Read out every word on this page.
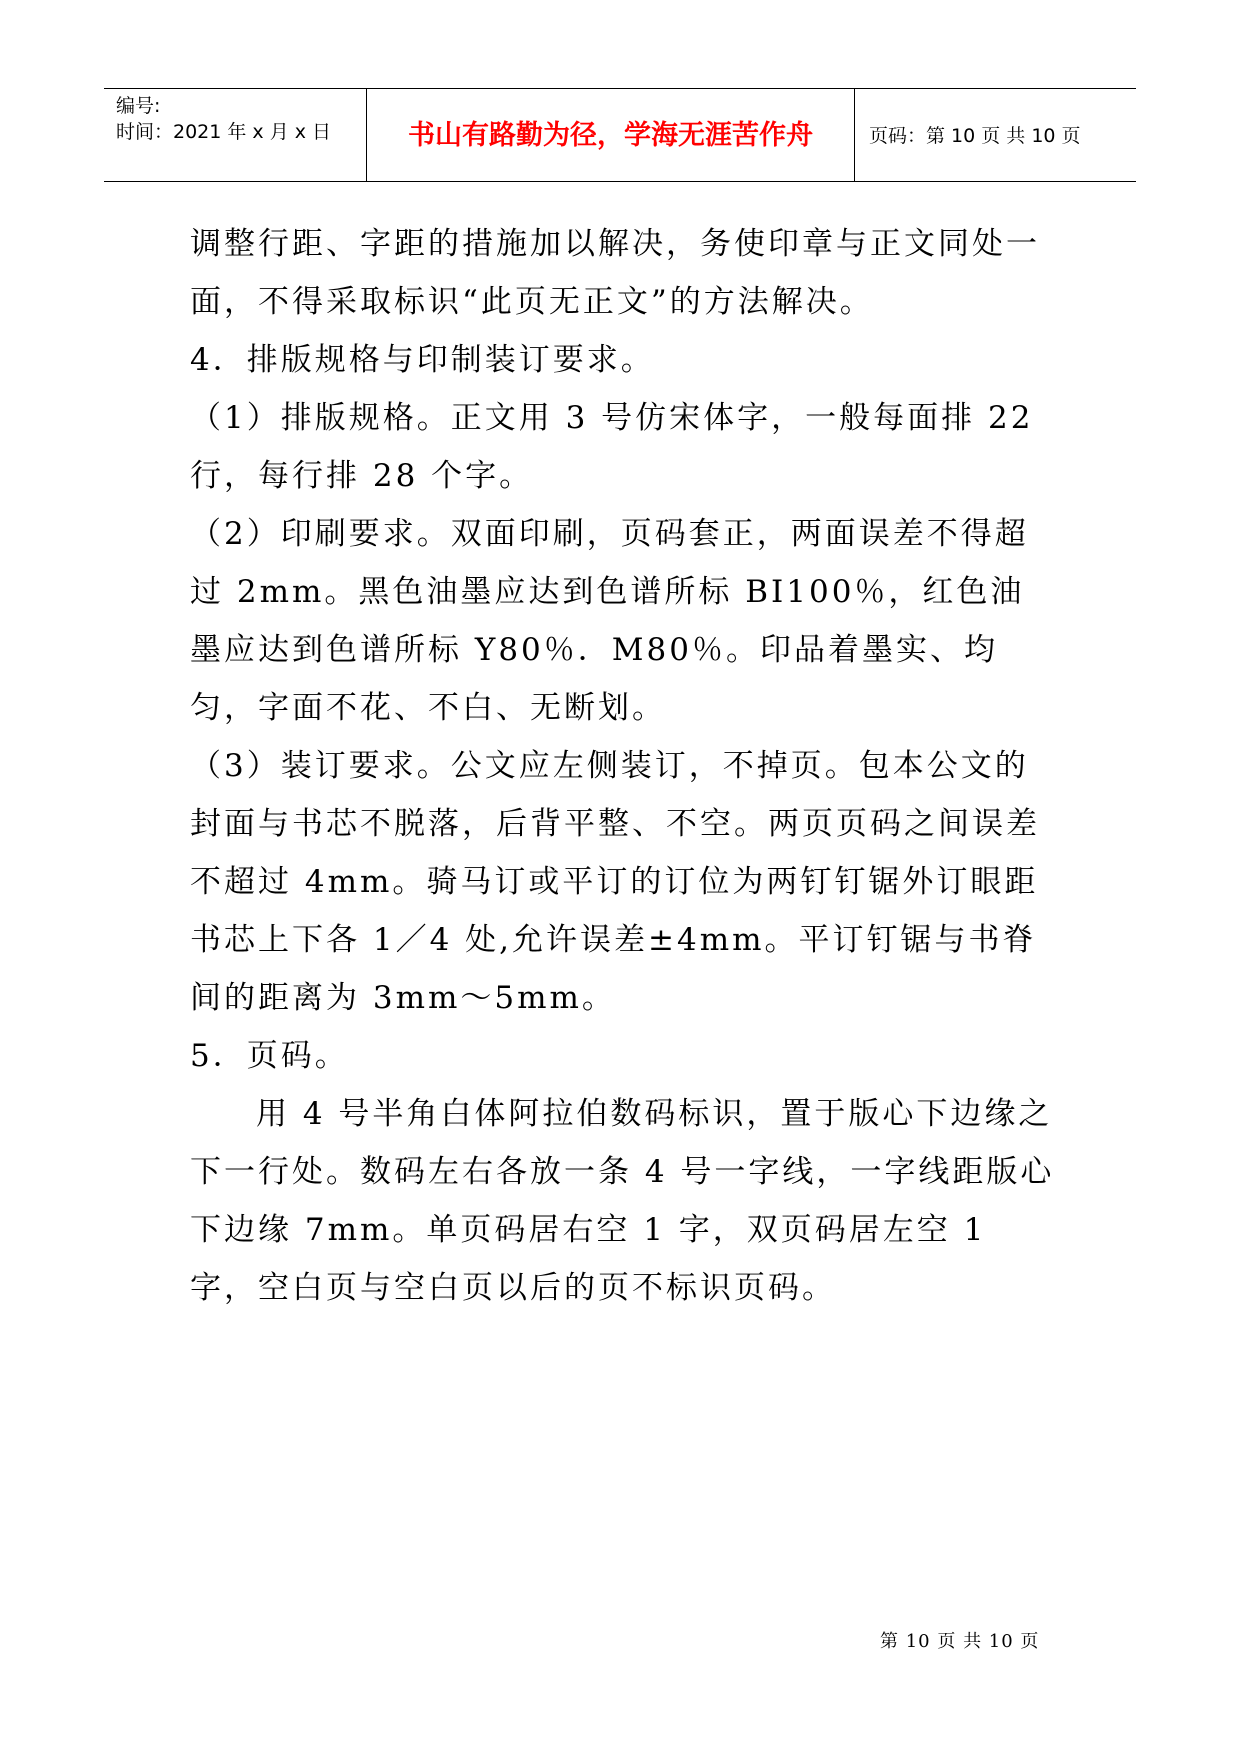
编号:
时间：2021 年 x 月 x 日	书山有路勤为径，学海无涯苦作舟	页码：第 10 页 共 10 页

调整行距、字距的措施加以解决，务使印章与正文同处一面，不得采取标识“此页无正文”的方法解决。

4．排版规格与印制装订要求。

（1）排版规格。正文用 3 号仿宋体字，一般每面排 22 行，每行排 28 个字。

（2）印刷要求。双面印刷，页码套正，两面误差不得超过 2mm。黑色油墨应达到色谱所标 BI100％，红色油墨应达到色谱所标 Y80％．M80％。印品着墨实、均匀，字面不花、不白、无断划。

（3）装订要求。公文应左侧装订，不掉页。包本公文的封面与书芯不脱落，后背平整、不空。两页页码之间误差不超过 4mm。骑马订或平订的订位为两钉钉锯外订眼距书芯上下各 1／4 处,允许误差±4mm。平订钉锯与书脊间的距离为 3mm～5mm。

5．页码。

用 4 号半角白体阿拉伯数码标识，置于版心下边缘之下一行处。数码左右各放一条 4 号一字线，一字线距版心下边缘 7mm。单页码居右空 1 字，双页码居左空 1 字，空白页与空白页以后的页不标识页码。

第 10 页 共 10 页
